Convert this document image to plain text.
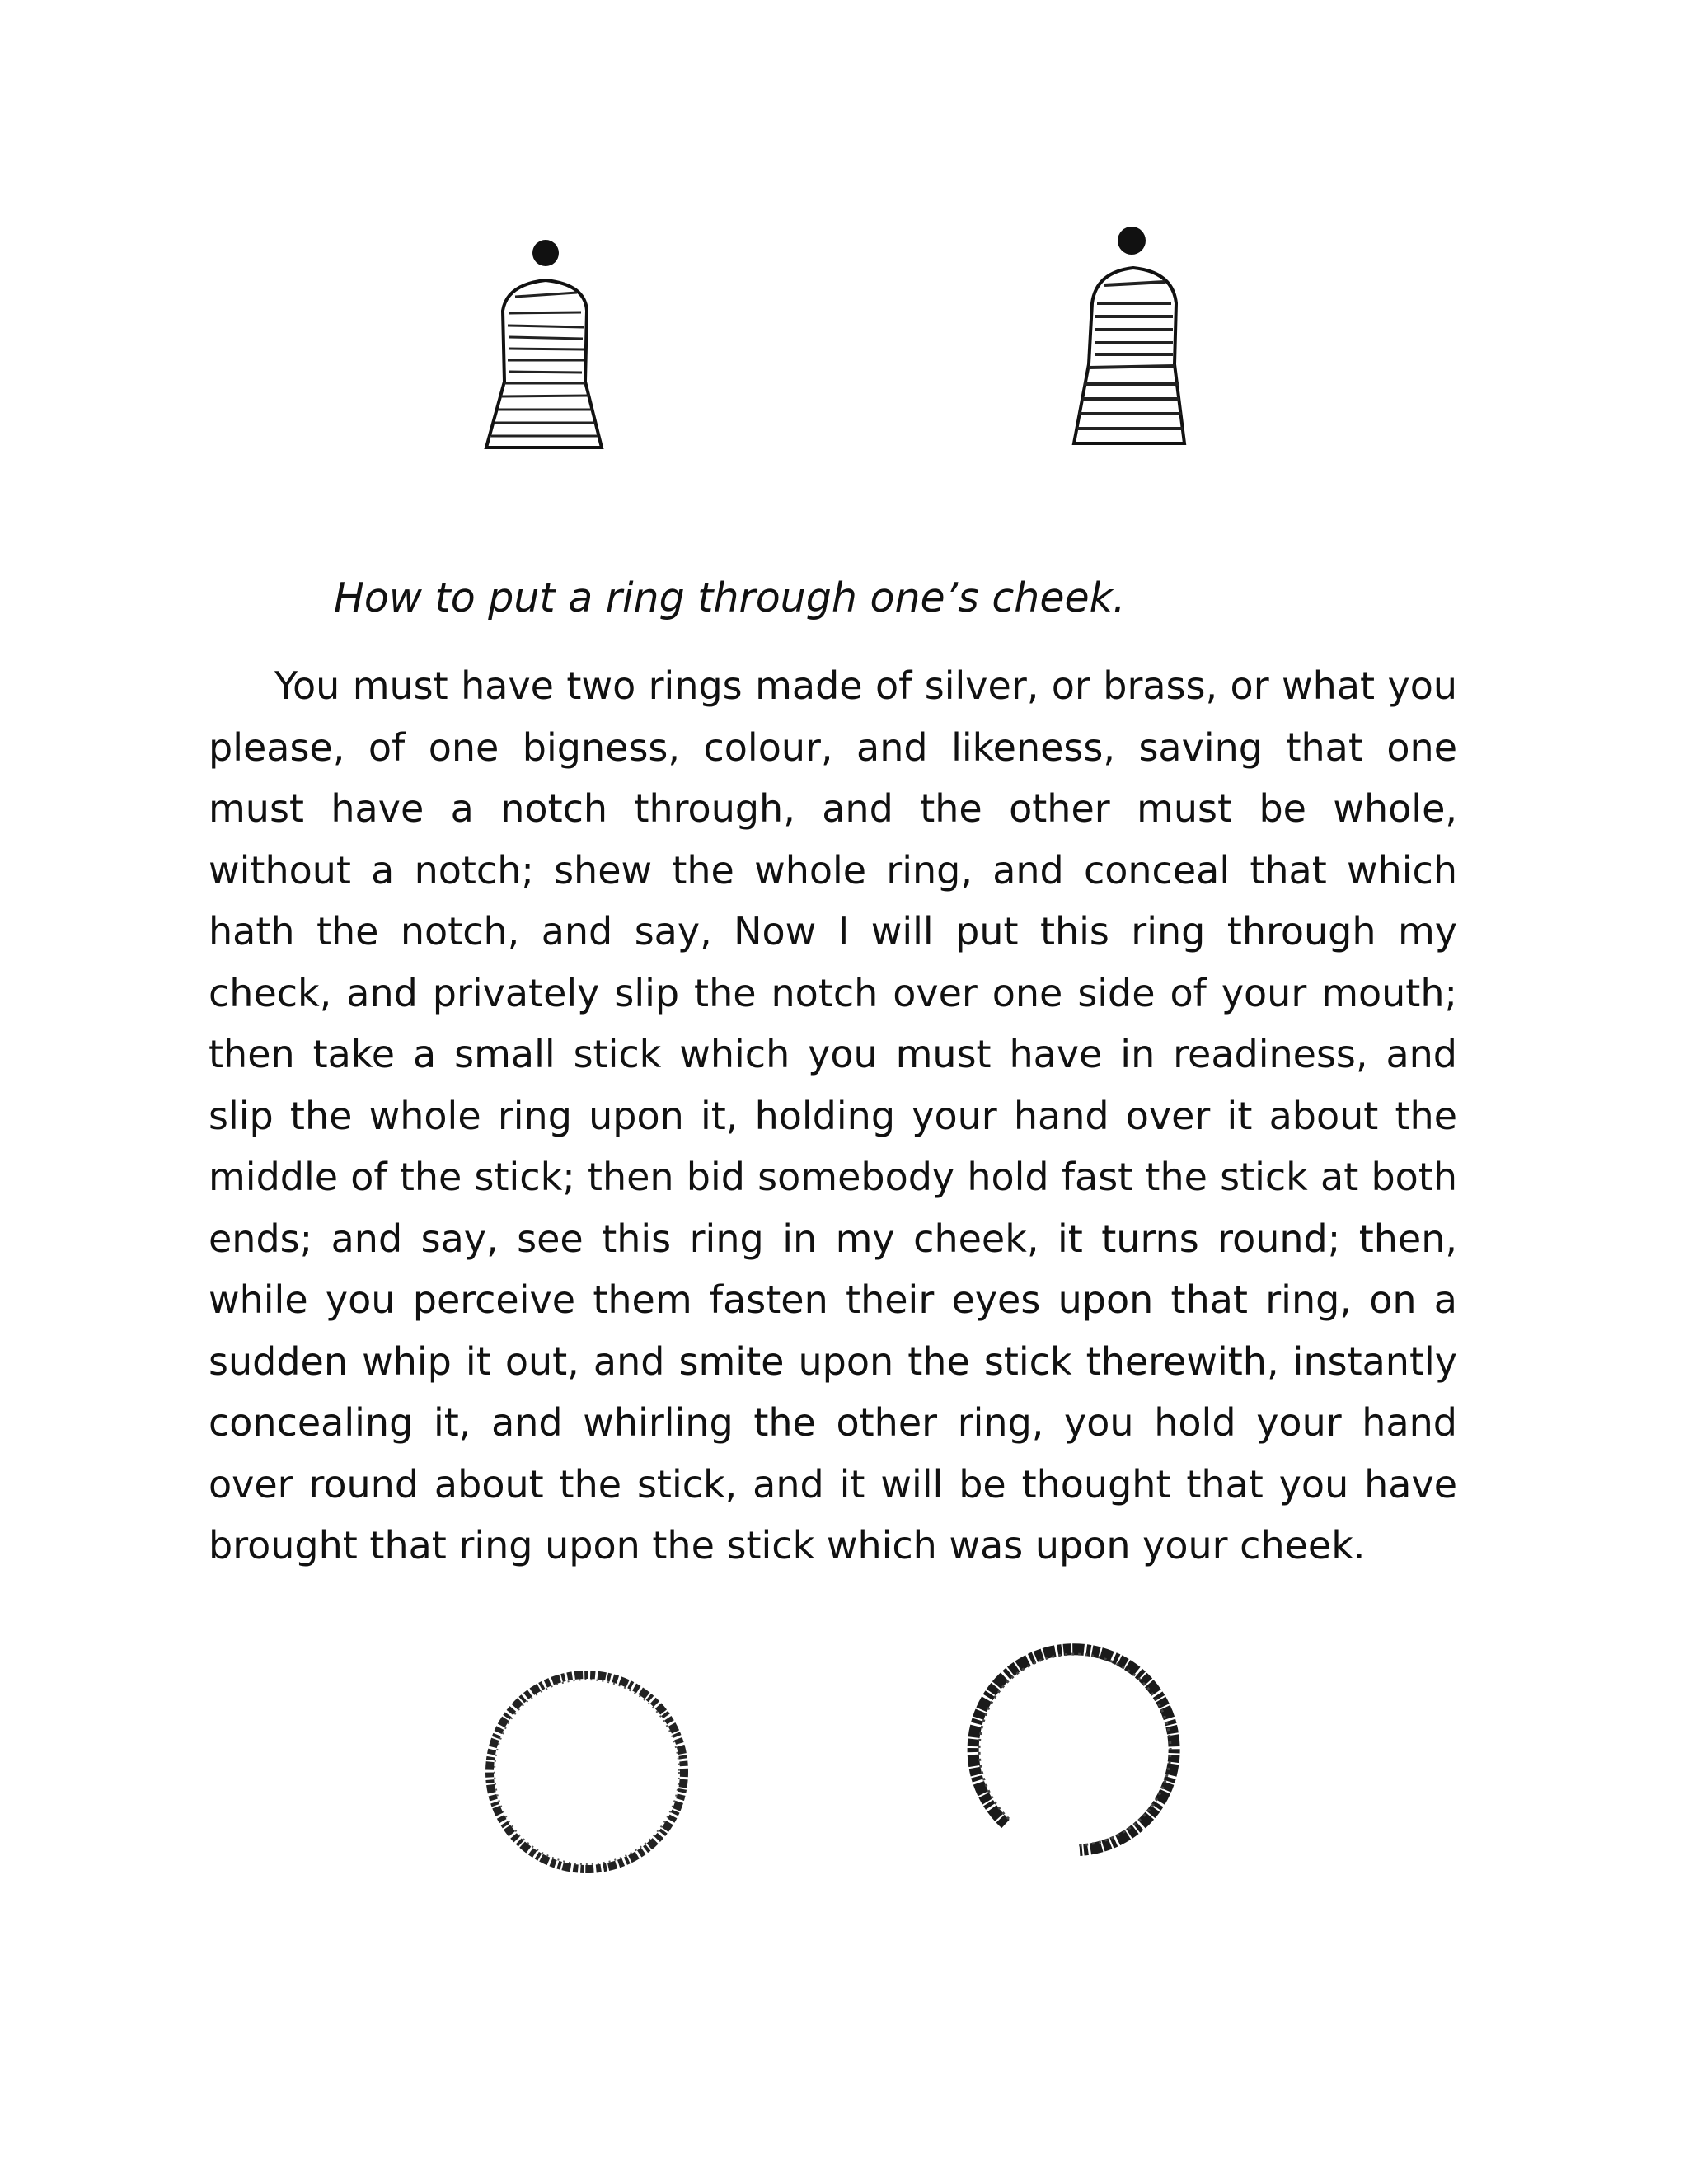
How to put a ring through one’s cheek.

You must have two rings made of silver, or brass, or what you please, of one bigness, colour, and likeness, saving that one must have a notch through, and the other must be whole, without a notch; shew the whole ring, and conceal that which hath the notch, and say, Now I will put this ring through my check, and privately slip the notch over one side of your mouth; then take a small stick which you must have in readiness, and slip the whole ring upon it, holding your hand over it about the middle of the stick; then bid somebody hold fast the stick at both ends; and say, see this ring in my cheek, it turns round; then, while you perceive them fasten their eyes upon that ring, on a sudden whip it out, and smite upon the stick therewith, instantly concealing it, and whirling the other ring, you hold your hand over round about the stick, and it will be thought that you have brought that ring upon the stick which was upon your cheek.
